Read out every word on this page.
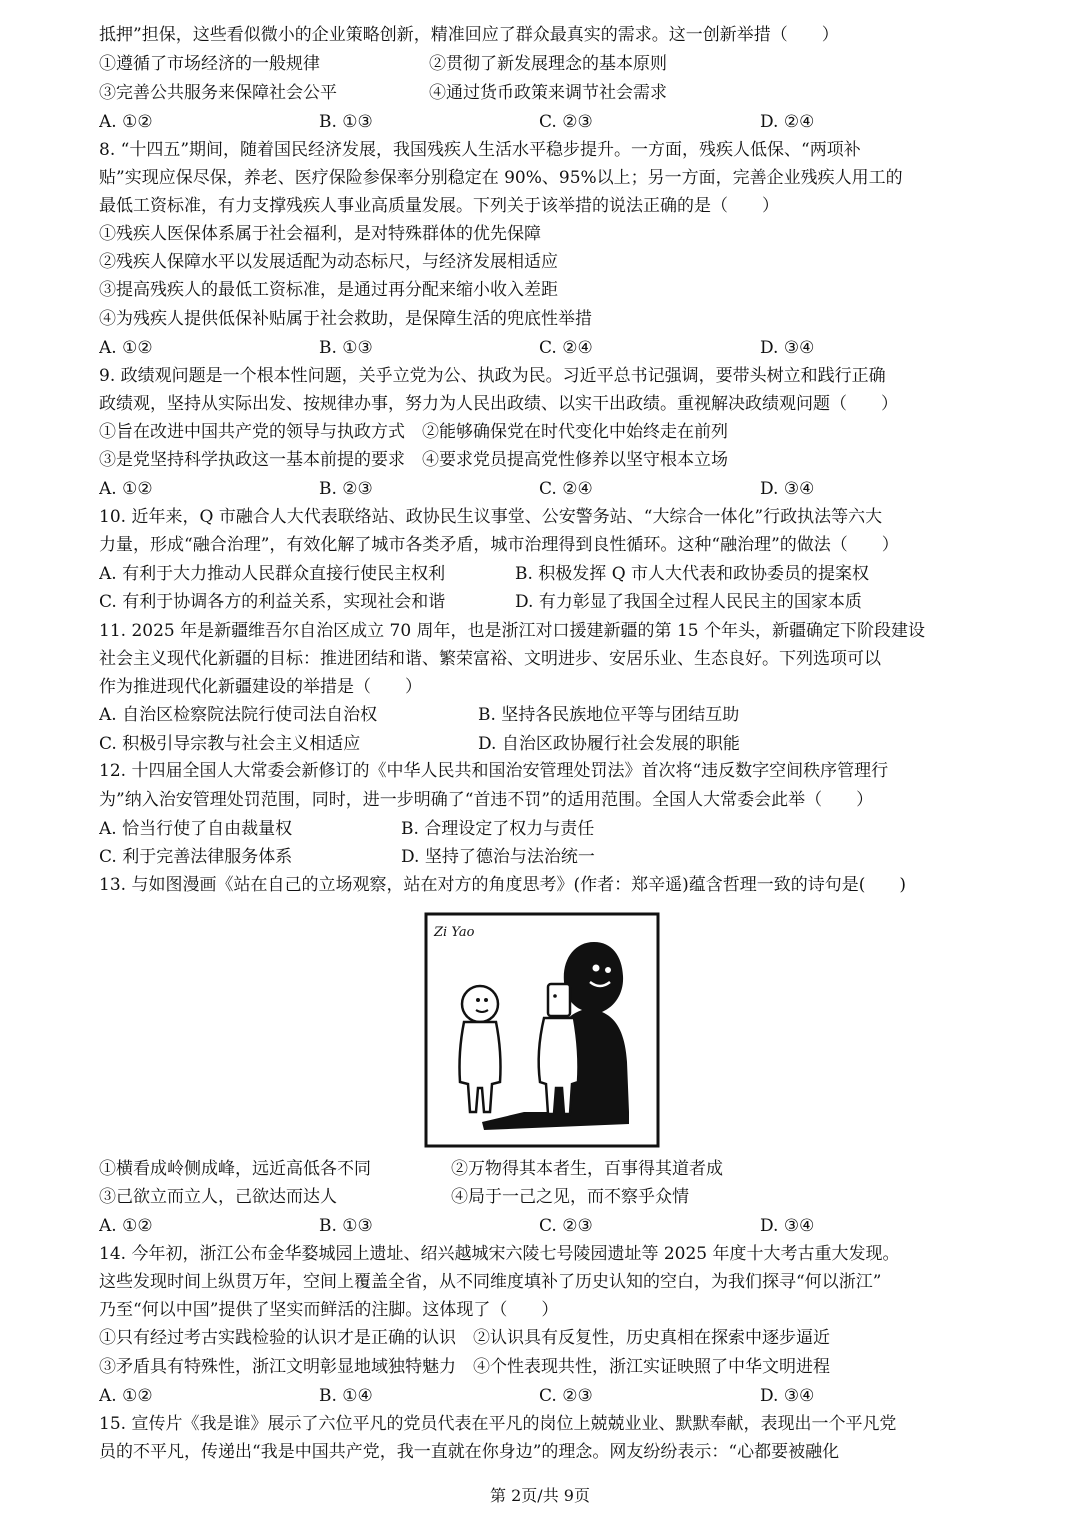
抵押”担保，这些看似微小的企业策略创新，精准回应了群众最真实的需求。这一创新举措（　　）
①遵循了市场经济的一般规律	②贯彻了新发展理念的基本原则
③完善公共服务来保障社会公平	④通过货币政策来调节社会需求
A. ①②	B. ①③	C. ②③	D. ②④
8. “十四五”期间，随着国民经济发展，我国残疾人生活水平稳步提升。一方面，残疾人低保、“两项补
贴”实现应保尽保，养老、医疗保险参保率分别稳定在 90%、95%以上；另一方面，完善企业残疾人用工的
最低工资标准，有力支撑残疾人事业高质量发展。下列关于该举措的说法正确的是（　　）
①残疾人医保体系属于社会福利，是对特殊群体的优先保障
②残疾人保障水平以发展适配为动态标尺，与经济发展相适应
③提高残疾人的最低工资标准，是通过再分配来缩小收入差距
④为残疾人提供低保补贴属于社会救助，是保障生活的兜底性举措
A. ①②	B. ①③	C. ②④	D. ③④
9. 政绩观问题是一个根本性问题，关乎立党为公、执政为民。习近平总书记强调，要带头树立和践行正确
政绩观，坚持从实际出发、按规律办事，努力为人民出政绩、以实干出政绩。重视解决政绩观问题（　　）
①旨在改进中国共产党的领导与执政方式　②能够确保党在时代变化中始终走在前列
③是党坚持科学执政这一基本前提的要求　④要求党员提高党性修养以坚守根本立场
A. ①②	B. ②③	C. ②④	D. ③④
10. 近年来，Q 市融合人大代表联络站、政协民生议事堂、公安警务站、“大综合一体化”行政执法等六大
力量，形成“融合治理”，有效化解了城市各类矛盾，城市治理得到良性循环。这种“融治理”的做法（　　）
A. 有利于大力推动人民群众直接行使民主权利	B. 积极发挥 Q 市人大代表和政协委员的提案权
C. 有利于协调各方的利益关系，实现社会和谐	D. 有力彰显了我国全过程人民民主的国家本质
11. 2025 年是新疆维吾尔自治区成立 70 周年，也是浙江对口援建新疆的第 15 个年头，新疆确定下阶段建设
社会主义现代化新疆的目标：推进团结和谐、繁荣富裕、文明进步、安居乐业、生态良好。下列选项可以
作为推进现代化新疆建设的举措是（　　）
A. 自治区检察院法院行使司法自治权	B. 坚持各民族地位平等与团结互助
C. 积极引导宗教与社会主义相适应	D. 自治区政协履行社会发展的职能
12. 十四届全国人大常委会新修订的《中华人民共和国治安管理处罚法》首次将“违反数字空间秩序管理行
为”纳入治安管理处罚范围，同时，进一步明确了“首违不罚”的适用范围。全国人大常委会此举（　　）
A. 恰当行使了自由裁量权	B. 合理设定了权力与责任
C. 利于完善法律服务体系	D. 坚持了德治与法治统一
13. 与如图漫画《站在自己的立场观察，站在对方的角度思考》(作者：郑辛遥)蕴含哲理一致的诗句是(　　)
Zi Yao
①横看成岭侧成峰，远近高低各不同	②万物得其本者生，百事得其道者成
③己欲立而立人，己欲达而达人	④局于一己之见，而不察乎众情
A. ①②	B. ①③	C. ②③	D. ③④
14. 今年初，浙江公布金华婺城园上遗址、绍兴越城宋六陵七号陵园遗址等 2025 年度十大考古重大发现。
这些发现时间上纵贯万年，空间上覆盖全省，从不同维度填补了历史认知的空白，为我们探寻“何以浙江”
乃至“何以中国”提供了坚实而鲜活的注脚。这体现了（　　）
①只有经过考古实践检验的认识才是正确的认识　②认识具有反复性，历史真相在探索中逐步逼近
③矛盾具有特殊性，浙江文明彰显地域独特魅力　④个性表现共性，浙江实证映照了中华文明进程
A. ①②	B. ①④	C. ②③	D. ③④
15. 宣传片《我是谁》展示了六位平凡的党员代表在平凡的岗位上兢兢业业、默默奉献，表现出一个平凡党
员的不平凡，传递出“我是中国共产党，我一直就在你身边”的理念。网友纷纷表示：“心都要被融化
第 2页/共 9页
